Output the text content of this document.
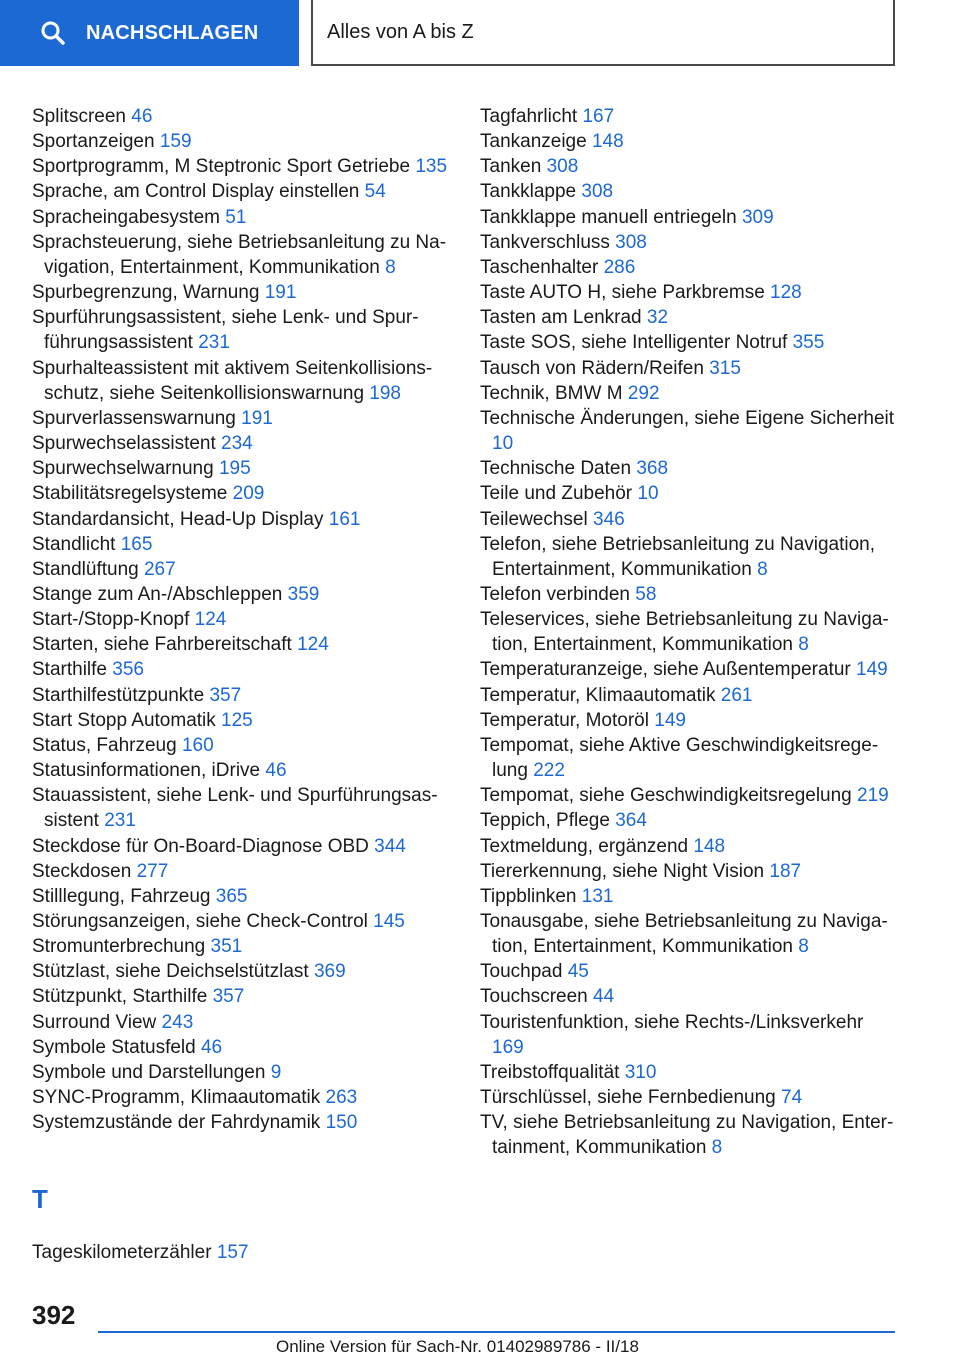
NACHSCHLAGEN	Alles von A bis Z
Splitscreen 46
Sportanzeigen 159
Sportprogramm, M Steptronic Sport Getriebe 135
Sprache, am Control Display einstellen 54
Spracheingabesystem 51
Sprachsteuerung, siehe Betriebsanleitung zu Navigation, Entertainment, Kommunikation 8
Spurbegrenzung, Warnung 191
Spurführungsassistent, siehe Lenk- und Spurführungsassistent 231
Spurhalteassistent mit aktivem Seitenkollisionsschutz, siehe Seitenkollisionswarnung 198
Spurverlassenswarnung 191
Spurwechselassistent 234
Spurwechselwarnung 195
Stabilitätsregelsysteme 209
Standardansicht, Head-Up Display 161
Standlicht 165
Standlüftung 267
Stange zum An-/Abschleppen 359
Start-/Stopp-Knopf 124
Starten, siehe Fahrbereitschaft 124
Starthilfe 356
Starthilfestützpunkte 357
Start Stopp Automatik 125
Status, Fahrzeug 160
Statusinformationen, iDrive 46
Stauassistent, siehe Lenk- und Spurführungsassistent 231
Steckdose für On-Board-Diagnose OBD 344
Steckdosen 277
Stilllegung, Fahrzeug 365
Störungsanzeigen, siehe Check-Control 145
Stromunterbrechung 351
Stützlast, siehe Deichselstützlast 369
Stützpunkt, Starthilfe 357
Surround View 243
Symbole Statusfeld 46
Symbole und Darstellungen 9
SYNC-Programm, Klimaautomatik 263
Systemzustände der Fahrdynamik 150
Tagfahrlicht 167
Tankanzeige 148
Tanken 308
Tankklappe 308
Tankklappe manuell entriegeln 309
Tankverschluss 308
Taschenhalter 286
Taste AUTO H, siehe Parkbremse 128
Tasten am Lenkrad 32
Taste SOS, siehe Intelligenter Notruf 355
Tausch von Rädern/Reifen 315
Technik, BMW M 292
Technische Änderungen, siehe Eigene Sicherheit 10
Technische Daten 368
Teile und Zubehör 10
Teilewechsel 346
Telefon, siehe Betriebsanleitung zu Navigation, Entertainment, Kommunikation 8
Telefon verbinden 58
Teleservices, siehe Betriebsanleitung zu Navigation, Entertainment, Kommunikation 8
Temperaturanzeige, siehe Außentemperatur 149
Temperatur, Klimaautomatik 261
Temperatur, Motoröl 149
Tempomat, siehe Aktive Geschwindigkeitsregelung 222
Tempomat, siehe Geschwindigkeitsregelung 219
Teppich, Pflege 364
Textmeldung, ergänzend 148
Tiererkennung, siehe Night Vision 187
Tippblinken 131
Tonausgabe, siehe Betriebsanleitung zu Navigation, Entertainment, Kommunikation 8
Touchpad 45
Touchscreen 44
Touristenfunktion, siehe Rechts-/Linksverkehr 169
Treibstoffqualität 310
Türschlüssel, siehe Fernbedienung 74
TV, siehe Betriebsanleitung zu Navigation, Entertainment, Kommunikation 8
T
Tageskilometerzähler 157
392
Online Version für Sach-Nr. 01402989786 - II/18
